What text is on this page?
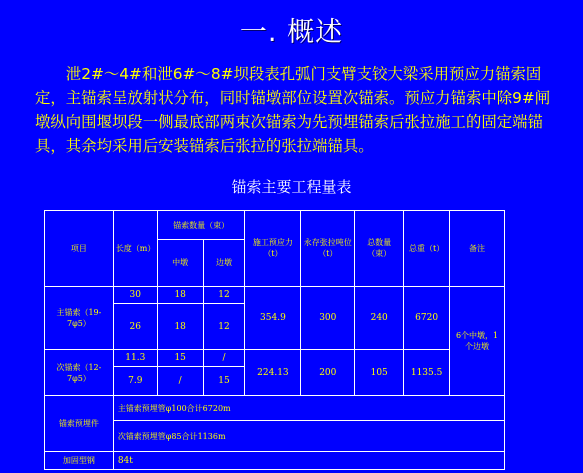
一. 概述
泄2#～4#和泄6#～8#坝段表孔弧门支臂支铰大梁采用预应力锚索固定，主锚索呈放射状分布，同时锚墩部位设置次锚索。预应力锚索中除9#闸墩纵向围堰坝段一侧最底部两束次锚索为先预埋锚索后张拉施工的固定端锚具，其余均采用后安装锚索后张拉的张拉端锚具。
锚索主要工程量表
项目	长度（m）	锚索数量（束）		施工预应力（t）	永存张拉吨位（t）	总数量（束）	总重（t）	备注
		中墩	边墩					
主锚索（19-7φ5）	30	18	12	354.9	300	240	6720	6个中墩，1个边墩
	26	18	12					
次锚索（12-7φ5）	11.3	15	/	224.13	200	105	1135.5	
	7.9	/	15					
锚索预埋件	主锚索预埋管φ100合计6720m							
	次锚索预埋管φ85合计1136m							
加固型钢	84t							
